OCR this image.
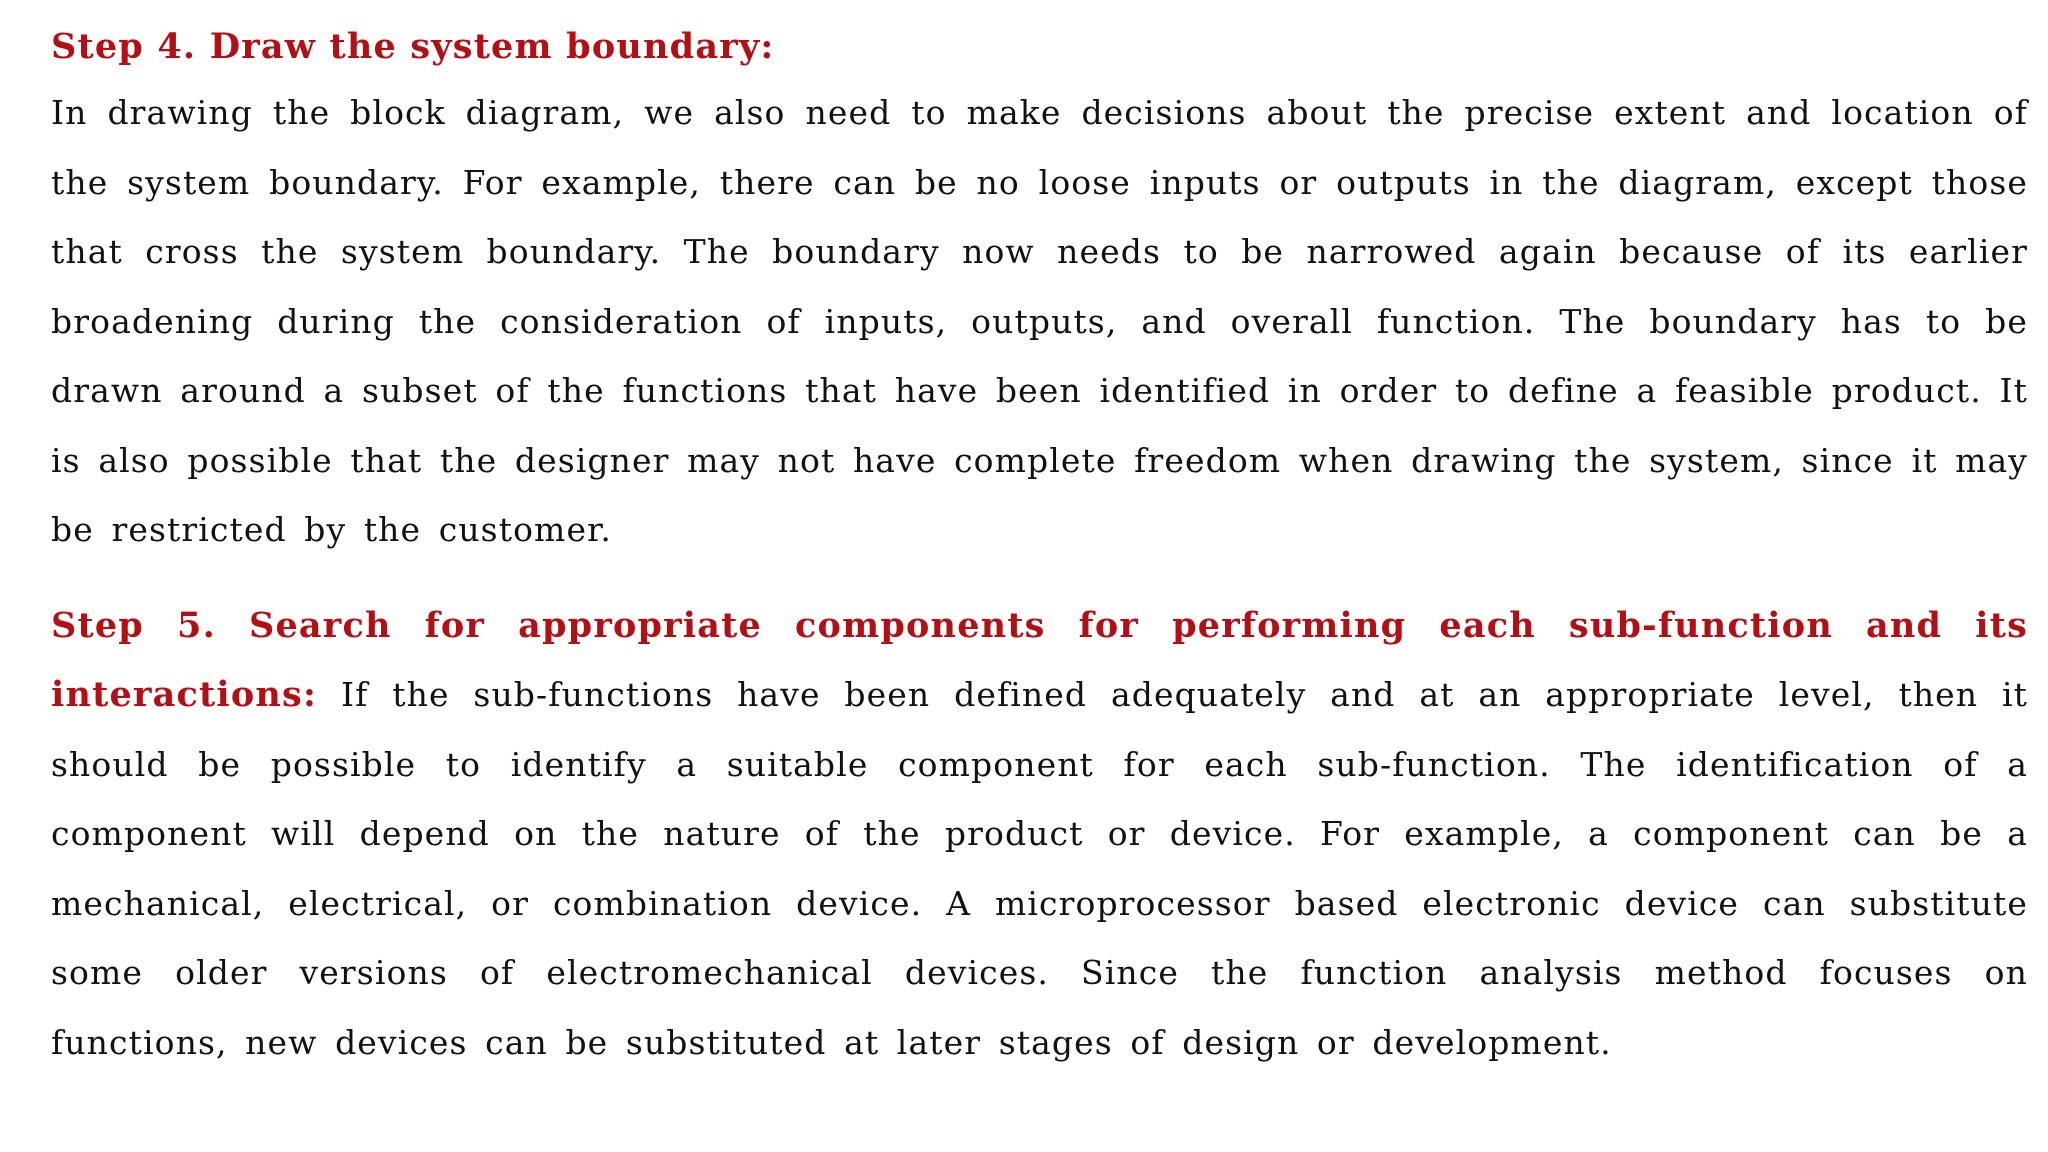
Step 4. Draw the system boundary:

In drawing the block diagram, we also need to make decisions about the precise extent and location of the system boundary. For example, there can be no loose inputs or outputs in the diagram, except those that cross the system boundary. The boundary now needs to be narrowed again because of its earlier broadening during the consideration of inputs, outputs, and overall function. The boundary has to be drawn around a subset of the functions that have been identified in order to define a feasible product. It is also possible that the designer may not have complete freedom when drawing the system, since it may be restricted by the customer.

Step 5. Search for appropriate components for performing each sub-function and its interactions: If the sub-functions have been defined adequately and at an appropriate level, then it should be possible to identify a suitable component for each sub-function. The identification of a component will depend on the nature of the product or device. For example, a component can be a mechanical, electrical, or combination device. A microprocessor based electronic device can substitute some older versions of electromechanical devices. Since the function analysis method focuses on functions, new devices can be substituted at later stages of design or development.
